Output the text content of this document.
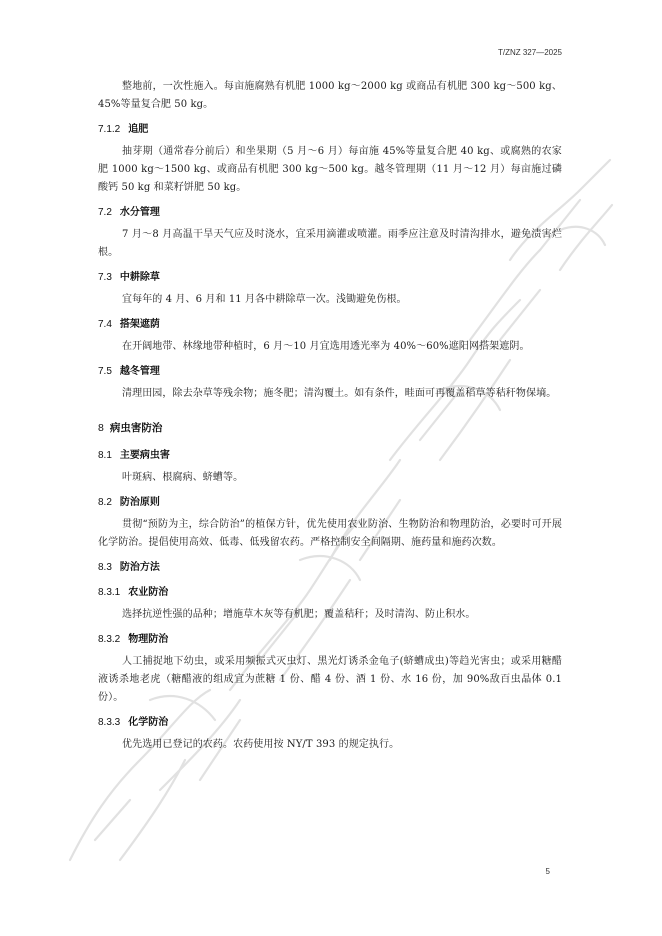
T/ZNZ 327—2025

整地前，一次性施入。每亩施腐熟有机肥 1000 kg～2000 kg 或商品有机肥 300 kg～500 kg、45%等量复合肥 50 kg。

7.1.2 追肥

抽芽期（通常春分前后）和坐果期（5 月～6 月）每亩施 45%等量复合肥 40 kg、或腐熟的农家肥 1000 kg～1500 kg、或商品有机肥 300 kg～500 kg。越冬管理期（11 月～12 月）每亩施过磷酸钙 50 kg 和菜籽饼肥 50 kg。

7.2 水分管理

7 月～8 月高温干旱天气应及时浇水，宜采用滴灌或喷灌。雨季应注意及时清沟排水，避免渍害烂根。

7.3 中耕除草

宜每年的 4 月、6 月和 11 月各中耕除草一次。浅锄避免伤根。

7.4 搭架遮荫

在开阔地带、林缘地带种植时，6 月～10 月宜选用透光率为 40%～60%遮阳网搭架遮阴。

7.5 越冬管理

清理田园，除去杂草等残余物；施冬肥；清沟覆土。如有条件，畦面可再覆盖稻草等秸秆物保墒。

8 病虫害防治
8.1 主要病虫害

叶斑病、根腐病、蛴螬等。

8.2 防治原则

贯彻“预防为主，综合防治”的植保方针，优先使用农业防治、生物防治和物理防治，必要时可开展化学防治。提倡使用高效、低毒、低残留农药。严格控制安全间隔期、施药量和施药次数。

8.3 防治方法
8.3.1 农业防治

选择抗逆性强的品种；增施草木灰等有机肥；覆盖秸秆；及时清沟、防止积水。

8.3.2 物理防治

人工捕捉地下幼虫，或采用频振式灭虫灯、黑光灯诱杀金龟子(蛴螬成虫)等趋光害虫；或采用糖醋液诱杀地老虎（糖醋液的组成宜为蔗糖 1 份、醋 4 份、酒 1 份、水 16 份，加 90%敌百虫晶体 0.1 份）。

8.3.3 化学防治

优先选用已登记的农药。农药使用按 NY/T 393 的规定执行。

5
